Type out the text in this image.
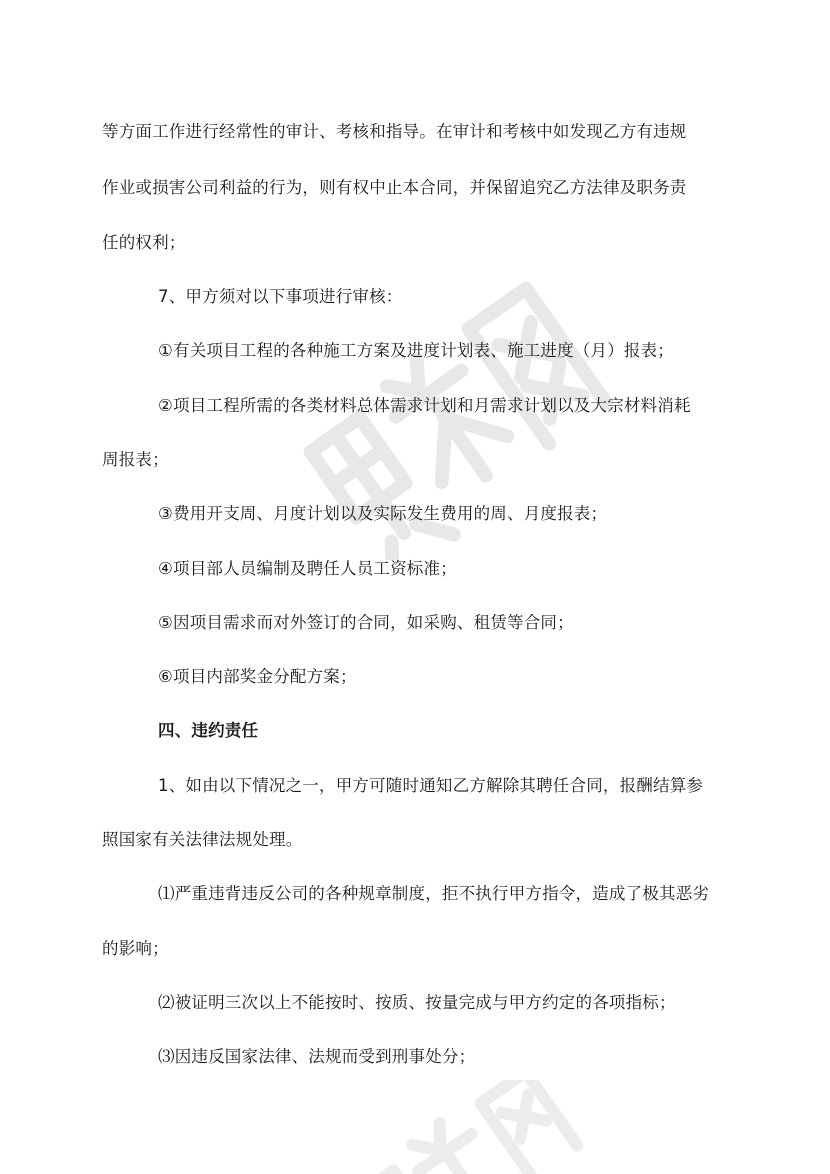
等方面工作进行经常性的审计、考核和指导。在审计和考核中如发现乙方有违规
作业或损害公司利益的行为，则有权中止本合同，并保留追究乙方法律及职务责
任的权利；
7、甲方须对以下事项进行审核：
①有关项目工程的各种施工方案及进度计划表、施工进度（月）报表；
②项目工程所需的各类材料总体需求计划和月需求计划以及大宗材料消耗
周报表；
③费用开支周、月度计划以及实际发生费用的周、月度报表；
④项目部人员编制及聘任人员工资标准；
⑤因项目需求而对外签订的合同，如采购、租赁等合同；
⑥项目内部奖金分配方案；
四、违约责任
1、如由以下情况之一，甲方可随时通知乙方解除其聘任合同，报酬结算参
照国家有关法律法规处理。
⑴严重违背违反公司的各种规章制度，拒不执行甲方指令，造成了极其恶劣
的影响；
⑵被证明三次以上不能按时、按质、按量完成与甲方约定的各项指标；
⑶因违反国家法律、法规而受到刑事处分；
